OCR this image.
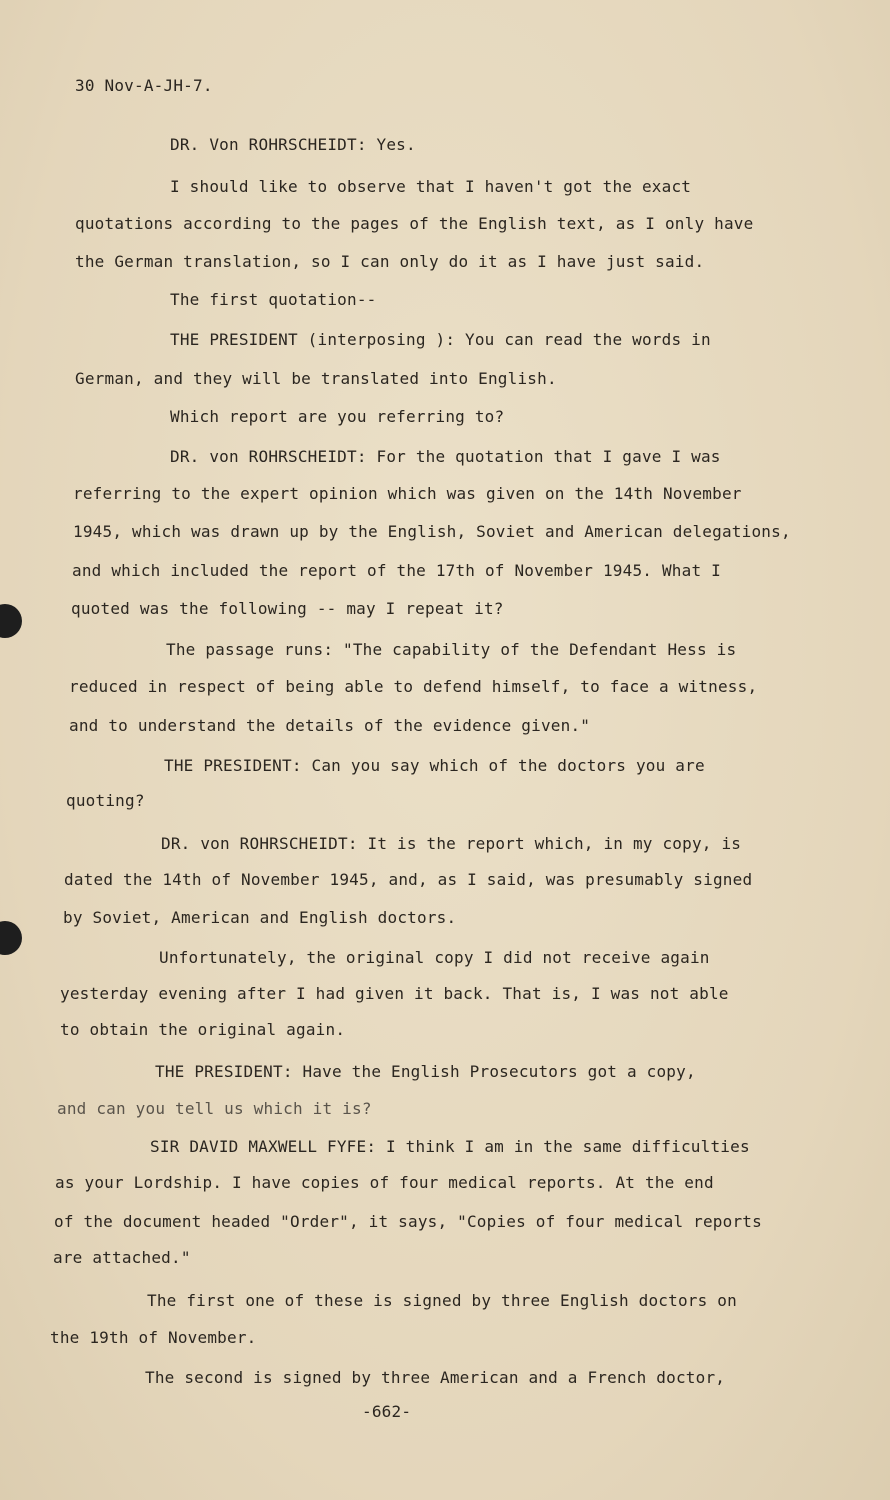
30 Nov-A-JH-7.
DR. Von ROHRSCHEIDT: Yes.
I should like to observe that I haven't got the exact
quotations according to the pages of the English text, as I only have
the German translation, so I can only do it as I have just said.
The first quotation--
THE PRESIDENT (interposing ): You can read the words in
German, and they will be translated into English.
Which report are you referring to?
DR. von ROHRSCHEIDT: For the quotation that I gave I was
referring to the expert opinion which was given on the 14th November
1945, which was drawn up by the English, Soviet and American delegations,
and which included the report of the 17th of November 1945. What I
quoted was the following -- may I repeat it?
The passage runs: "The capability of the Defendant Hess is
reduced in respect of being able to defend himself, to face a witness,
and to understand the details of the evidence given."
THE PRESIDENT: Can you say which of the doctors you are
quoting?
DR. von ROHRSCHEIDT: It is the report which, in my copy, is
dated the 14th of November 1945, and, as I said, was presumably signed
by Soviet, American and English doctors.
Unfortunately, the original copy I did not receive again
yesterday evening after I had given it back. That is, I was not able
to obtain the original again.
THE PRESIDENT: Have the English Prosecutors got a copy,
and can you tell us which it is?
SIR DAVID MAXWELL FYFE: I think I am in the same difficulties
as your Lordship. I have copies of four medical reports. At the end
of the document headed "Order", it says, "Copies of four medical reports
are attached."
The first one of these is signed by three English doctors on
the 19th of November.
The second is signed by three American and a French doctor,
-662-
